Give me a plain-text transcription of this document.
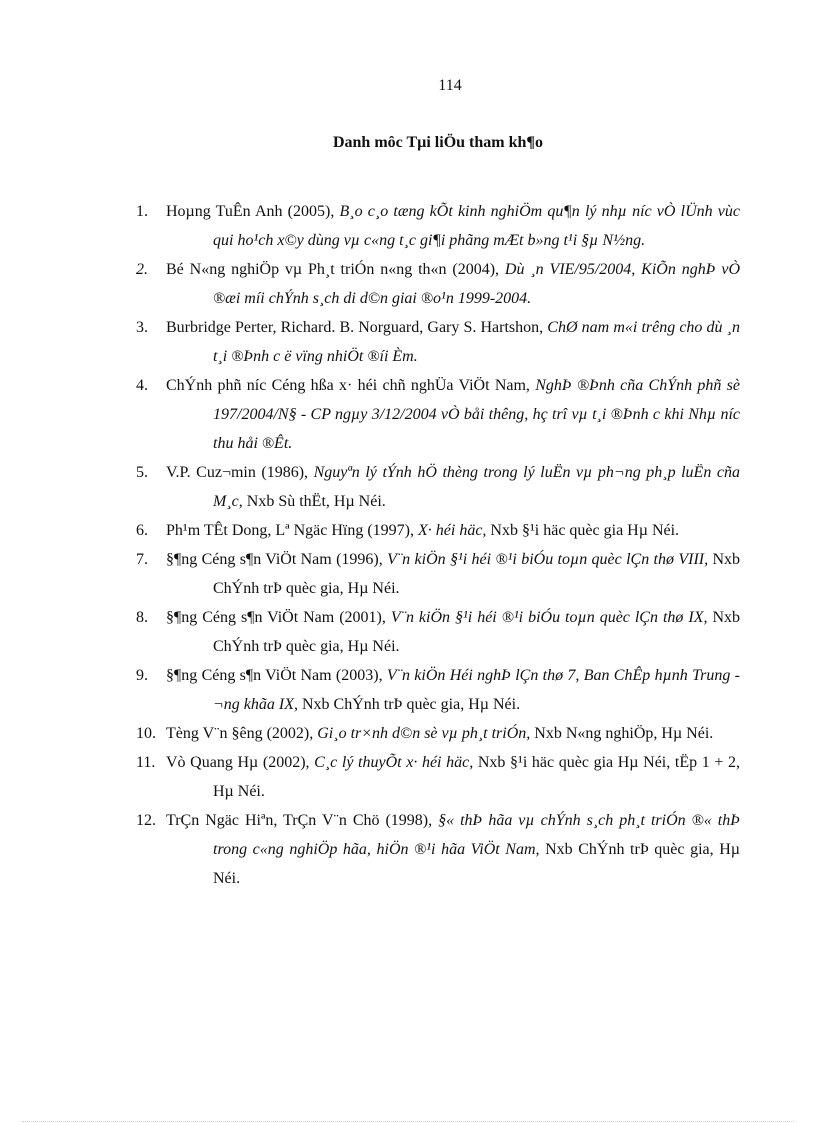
114
Danh môc Tµi liÖu tham kh¶o
1. Hoµng TuÊn Anh (2005), B¸o c¸o tæng kÕt kinh nghiÖm qu¶n lý nhµ níc vÒ lÜnh vùc qui ho¹ch x©y dùng vµ c«ng t¸c gi¶i phãng mÆt b»ng t¹i §µ N½ng.
2. Bé N«ng nghiÖp vµ Ph¸t triÓn n«ng th«n (2004), Dù ¸n VIE/95/2004, KiÕn nghÞ vÒ ®æi míi chÝnh s¸ch di d©n giai ®o¹n 1999-2004.
3. Burbridge Perter, Richard. B. Norguard, Gary S. Hartshon, ChØ nam m«i trêng cho dù ¸n t¸i ®Þnh c ë vïng nhiÖt ®íi Èm.
4. ChÝnh phñ níc Céng hßa x· héi chñ nghÜa ViÖt Nam, NghÞ ®Þnh cña ChÝnh phñ sè 197/2004/N§ - CP ngµy 3/12/2004 vÒ båi thêng, hç trî vµ t¸i ®Þnh c khi Nhµ níc thu håi ®Êt.
5. V.P. Cuz¬min (1986), Nguyªn lý tÝnh hÖ thèng trong lý luËn vµ ph¬ng ph¸p luËn cña M¸c, Nxb Sù thËt, Hµ Néi.
6. Ph¹m TÊt Dong, Lª Ngäc Hïng (1997), X· héi häc, Nxb §¹i häc quèc gia Hµ Néi.
7. §¶ng Céng s¶n ViÖt Nam (1996), V¨n kiÖn §¹i héi ®¹i biÓu toµn quèc lÇn thø VIII, Nxb ChÝnh trÞ quèc gia, Hµ Néi.
8. §¶ng Céng s¶n ViÖt Nam (2001), V¨n kiÖn §¹i héi ®¹i biÓu toµn quèc lÇn thø IX, Nxb ChÝnh trÞ quèc gia, Hµ Néi.
9. §¶ng Céng s¶n ViÖt Nam (2003), V¨n kiÖn Héi nghÞ lÇn thø 7, Ban ChÊp hµnh Trung ¬ng khãa IX, Nxb ChÝnh trÞ quèc gia, Hµ Néi.
10. Tèng V¨n §êng (2002), Gi¸o tr×nh d©n sè vµ ph¸t triÓn, Nxb N«ng nghiÖp, Hµ Néi.
11. Vò Quang Hµ (2002), C¸c lý thuyÕt x· héi häc, Nxb §¹i häc quèc gia Hµ Néi, tËp 1 + 2, Hµ Néi.
12. TrÇn Ngäc Hiªn, TrÇn V¨n Chö (1998), §« thÞ hãa vµ chÝnh s¸ch ph¸t triÓn ®« thÞ trong c«ng nghiÖp hãa, hiÖn ®¹i hãa ViÖt Nam, Nxb ChÝnh trÞ quèc gia, Hµ Néi.
